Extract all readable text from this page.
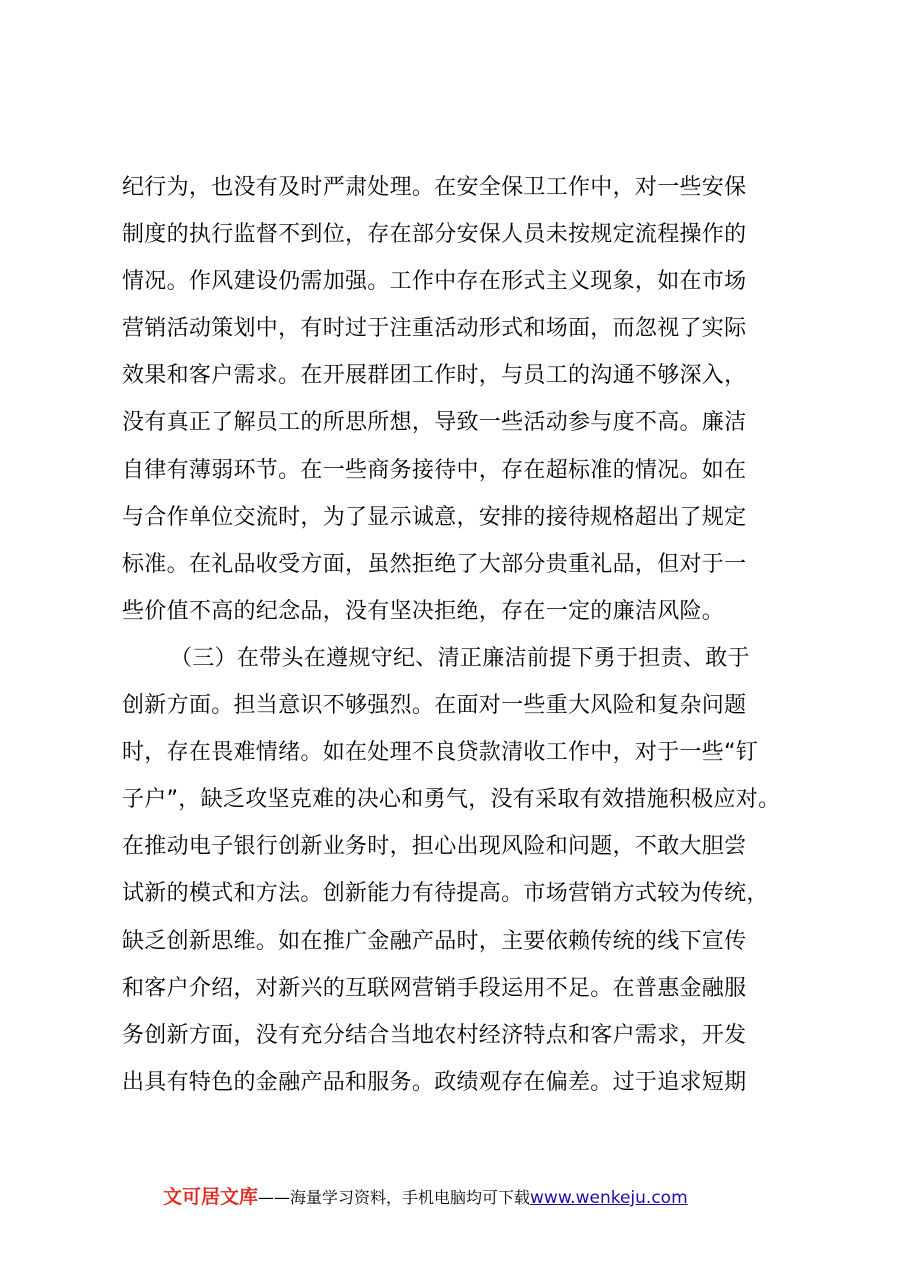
纪行为，也没有及时严肃处理。在安全保卫工作中，对一些安保
制度的执行监督不到位，存在部分安保人员未按规定流程操作的
情况。作风建设仍需加强。工作中存在形式主义现象，如在市场
营销活动策划中，有时过于注重活动形式和场面，而忽视了实际
效果和客户需求。在开展群团工作时，与员工的沟通不够深入，
没有真正了解员工的所思所想，导致一些活动参与度不高。廉洁
自律有薄弱环节。在一些商务接待中，存在超标准的情况。如在
与合作单位交流时，为了显示诚意，安排的接待规格超出了规定
标准。在礼品收受方面，虽然拒绝了大部分贵重礼品，但对于一
些价值不高的纪念品，没有坚决拒绝，存在一定的廉洁风险。
（三）在带头在遵规守纪、清正廉洁前提下勇于担责、敢于
创新方面。担当意识不够强烈。在面对一些重大风险和复杂问题
时，存在畏难情绪。如在处理不良贷款清收工作中，对于一些“钉
子户”，缺乏攻坚克难的决心和勇气，没有采取有效措施积极应对。
在推动电子银行创新业务时，担心出现风险和问题，不敢大胆尝
试新的模式和方法。创新能力有待提高。市场营销方式较为传统，
缺乏创新思维。如在推广金融产品时，主要依赖传统的线下宣传
和客户介绍，对新兴的互联网营销手段运用不足。在普惠金融服
务创新方面，没有充分结合当地农村经济特点和客户需求，开发
出具有特色的金融产品和服务。政绩观存在偏差。过于追求短期
文可居文库——海量学习资料，手机电脑均可下载www.wenkeju.com
